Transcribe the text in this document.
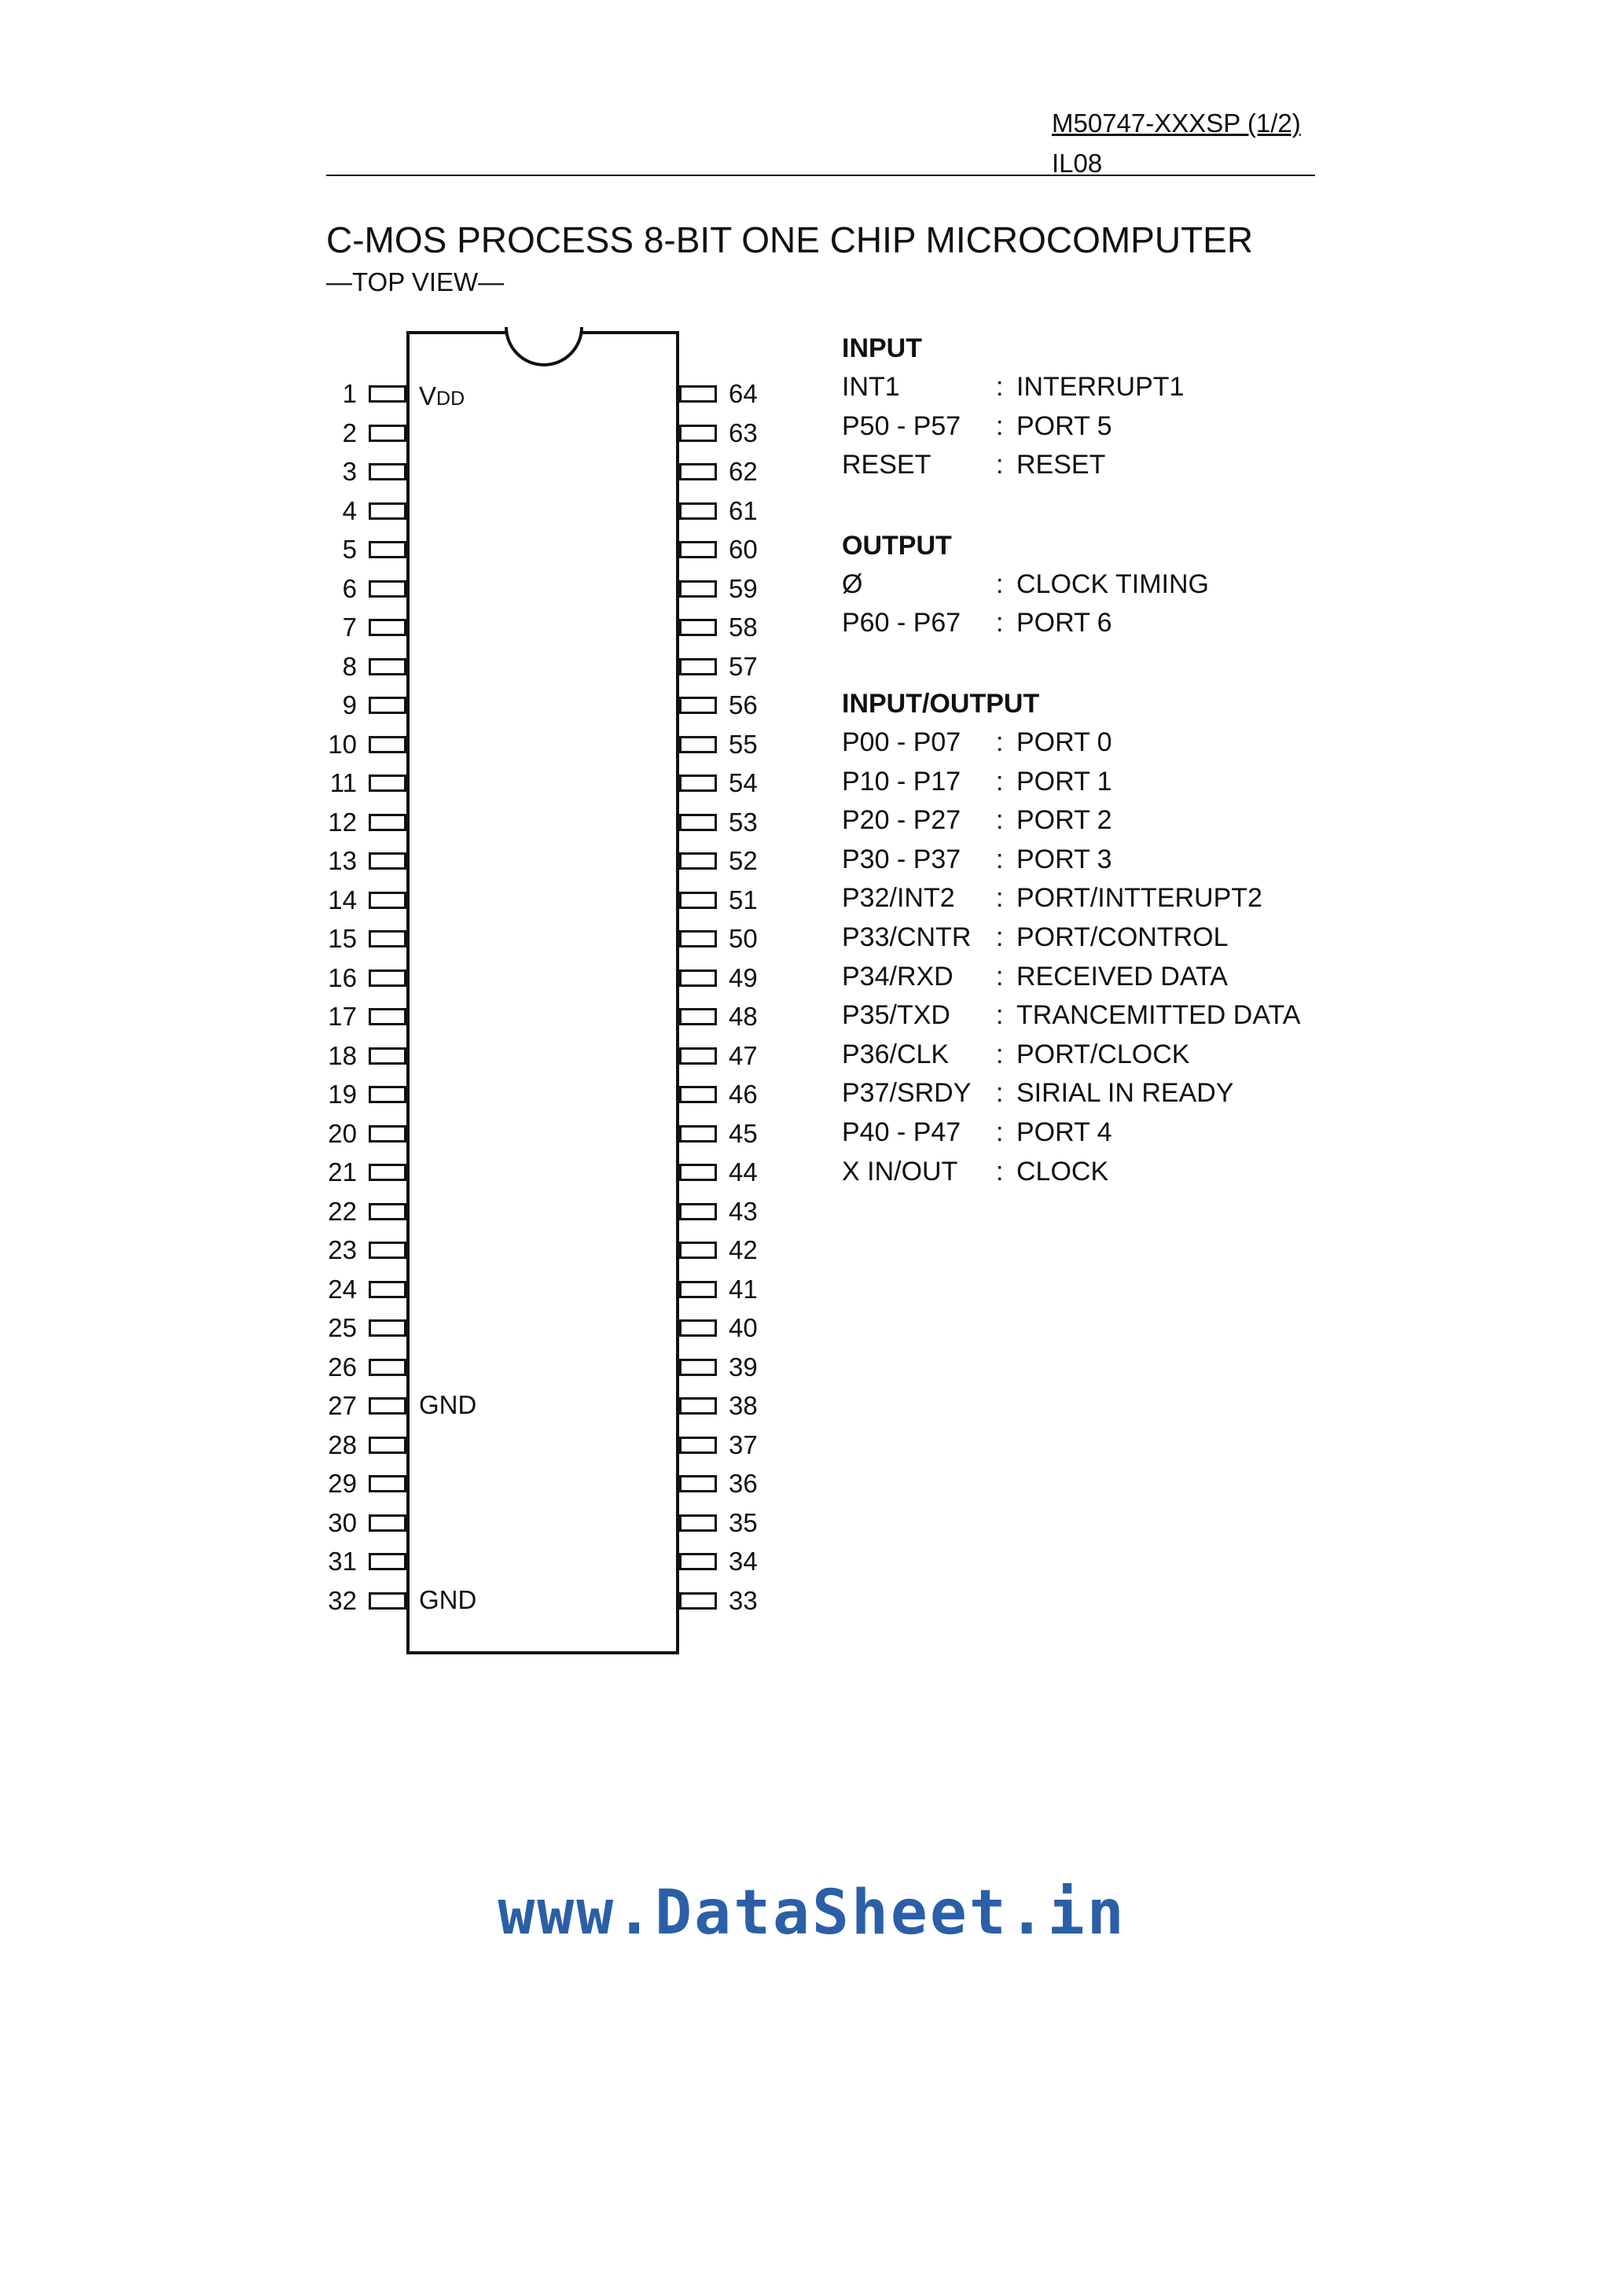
M50747-XXXSP (1/2)
IL08
C-MOS PROCESS 8-BIT ONE CHIP MICROCOMPUTER
—TOP VIEW—
1
2
3
4
5
6
7
8
9
10
11
12
13
14
15
16
17
18
19
20
21
22
23
24
25
26
27
28
29
30
31
32
64
63
62
61
60
59
58
57
56
55
54
53
52
51
50
49
48
47
46
45
44
43
42
41
40
39
38
37
36
35
34
33
VDD
GND
GND
INPUT
INT1	: INTERRUPT1
P50 - P57	: PORT 5
RESET	: RESET
OUTPUT
Ø	: CLOCK TIMING
P60 - P67	: PORT 6
INPUT/OUTPUT
P00 - P07	: PORT 0
P10 - P17	: PORT 1
P20 - P27	: PORT 2
P30 - P37	: PORT 3
P32/INT2	: PORT/INTTERUPT2
P33/CNTR : PORT/CONTROL
P34/RXD	: RECEIVED DATA
P35/TXD	: TRANCEMITTED DATA
P36/CLK	: PORT/CLOCK
P37/SRDY : SIRIAL IN READY
P40 - P47	: PORT 4
X IN/OUT	: CLOCK
www.DataSheet.in
